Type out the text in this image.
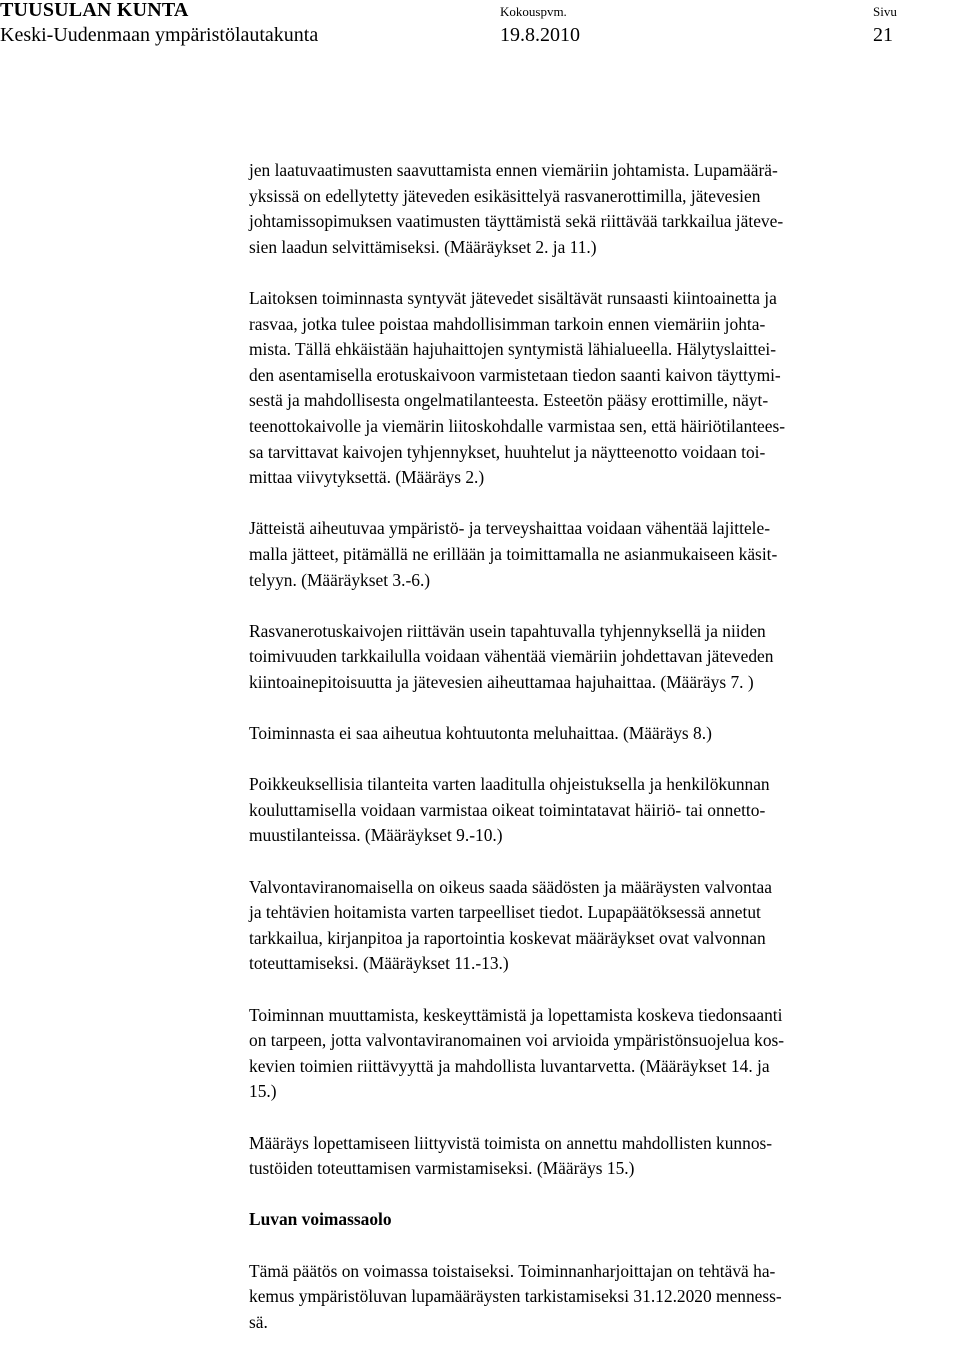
TUUSULAN KUNTA
Keski-Uudenmaan ympäristölautakunta
Kokouspvm.
19.8.2010
Sivu
21
jen laatuvaatimusten saavuttamista ennen viemäriin johtamista. Lupamäärä-
yksissä on edellytetty jäteveden esikäsittelyä rasvanerottimilla, jätevesien
johtamissopimuksen vaatimusten täyttämistä sekä riittävää tarkkailua jäteve-
sien laadun selvittämiseksi. (Määräykset 2. ja 11.)
Laitoksen toiminnasta syntyvät jätevedet sisältävät runsaasti kiintoainetta ja
rasvaa, jotka tulee poistaa mahdollisimman tarkoin ennen viemäriin johta-
mista. Tällä ehkäistään hajuhaittojen syntymistä lähialueella. Hälytyslaittei-
den asentamisella erotuskaivoon varmistetaan tiedon saanti kaivon täyttymi-
sestä ja mahdollisesta ongelmatilanteesta. Esteetön pääsy erottimille, näyt-
teenottokaivolle ja viemärin liitoskohdalle varmistaa sen, että häiriötilantees-
sa tarvittavat kaivojen tyhjennykset, huuhtelut ja näytteenotto voidaan toi-
mittaa viivytyksettä. (Määräys 2.)
Jätteistä aiheutuvaa ympäristö- ja terveyshaittaa voidaan vähentää lajittele-
malla jätteet, pitämällä ne erillään ja toimittamalla ne asianmukaiseen käsit-
telyyn. (Määräykset 3.-6.)
Rasvanerotuskaivojen riittävän usein tapahtuvalla tyhjennyksellä ja niiden
toimivuuden tarkkailulla voidaan vähentää viemäriin johdettavan jäteveden
kiintoainepitoisuutta ja jätevesien aiheuttamaa hajuhaittaa. (Määräys 7. )
Toiminnasta ei saa aiheutua kohtuutonta meluhaittaa. (Määräys 8.)
Poikkeuksellisia tilanteita varten laaditulla ohjeistuksella ja henkilökunnan
kouluttamisella voidaan varmistaa oikeat toimintatavat häiriö- tai onnetto-
muustilanteissa. (Määräykset 9.-10.)
Valvontaviranomaisella on oikeus saada säädösten ja määräysten valvontaa
ja tehtävien hoitamista varten tarpeelliset tiedot. Lupapäätöksessä annetut
tarkkailua, kirjanpitoa ja raportointia koskevat määräykset ovat valvonnan
toteuttamiseksi. (Määräykset 11.-13.)
Toiminnan muuttamista, keskeyttämistä ja lopettamista koskeva tiedonsaanti
on tarpeen, jotta valvontaviranomainen voi arvioida ympäristönsuojelua kos-
kevien toimien riittävyyttä ja mahdollista luvantarvetta. (Määräykset 14. ja
15.)
Määräys lopettamiseen liittyvistä toimista on annettu mahdollisten kunnos-
tustöiden toteuttamisen varmistamiseksi. (Määräys 15.)
Luvan voimassaolo
Tämä päätös on voimassa toistaiseksi. Toiminnanharjoittajan on tehtävä ha-
kemus ympäristöluvan lupamääräysten tarkistamiseksi 31.12.2020 menness-
sä.
